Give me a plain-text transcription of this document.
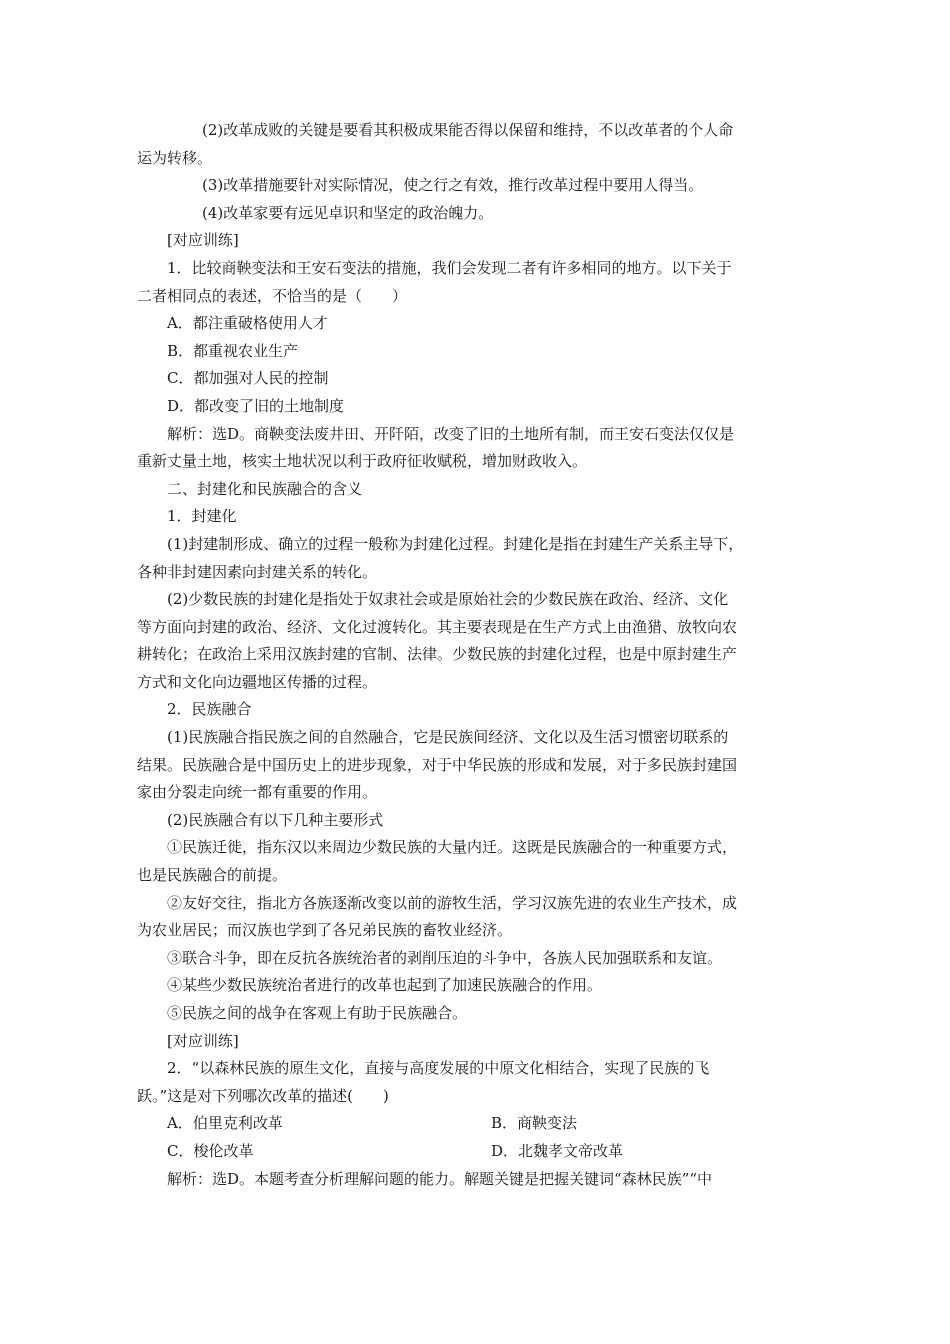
(2)改革成败的关键是要看其积极成果能否得以保留和维持，不以改革者的个人命
运为转移。
(3)改革措施要针对实际情况，使之行之有效，推行改革过程中要用人得当。
(4)改革家要有远见卓识和坚定的政治魄力。
[对应训练]
1．比较商鞅变法和王安石变法的措施，我们会发现二者有许多相同的地方。以下关于
二者相同点的表述，不恰当的是（　　）
A．都注重破格使用人才
B．都重视农业生产
C．都加强对人民的控制
D．都改变了旧的土地制度
解析：选D。商鞅变法废井田、开阡陌，改变了旧的土地所有制，而王安石变法仅仅是
重新丈量土地，核实土地状况以利于政府征收赋税，增加财政收入。
二、封建化和民族融合的含义
1．封建化
(1)封建制形成、确立的过程一般称为封建化过程。封建化是指在封建生产关系主导下，
各种非封建因素向封建关系的转化。
(2)少数民族的封建化是指处于奴隶社会或是原始社会的少数民族在政治、经济、文化
等方面向封建的政治、经济、文化过渡转化。其主要表现是在生产方式上由渔猎、放牧向农
耕转化；在政治上采用汉族封建的官制、法律。少数民族的封建化过程，也是中原封建生产
方式和文化向边疆地区传播的过程。
2．民族融合
(1)民族融合指民族之间的自然融合，它是民族间经济、文化以及生活习惯密切联系的
结果。民族融合是中国历史上的进步现象，对于中华民族的形成和发展，对于多民族封建国
家由分裂走向统一都有重要的作用。
(2)民族融合有以下几种主要形式
①民族迁徙，指东汉以来周边少数民族的大量内迁。这既是民族融合的一种重要方式，
也是民族融合的前提。
②友好交往，指北方各族逐渐改变以前的游牧生活，学习汉族先进的农业生产技术，成
为农业居民；而汉族也学到了各兄弟民族的畜牧业经济。
③联合斗争，即在反抗各族统治者的剥削压迫的斗争中，各族人民加强联系和友谊。
④某些少数民族统治者进行的改革也起到了加速民族融合的作用。
⑤民族之间的战争在客观上有助于民族融合。
[对应训练]
2．“以森林民族的原生文化，直接与高度发展的中原文化相结合，实现了民族的飞
跃。”这是对下列哪次改革的描述(　　)
A．伯里克利改革	B．商鞅变法
C．梭伦改革	D．北魏孝文帝改革
解析：选D。本题考查分析理解问题的能力。解题关键是把握关键词“森林民族”“中
